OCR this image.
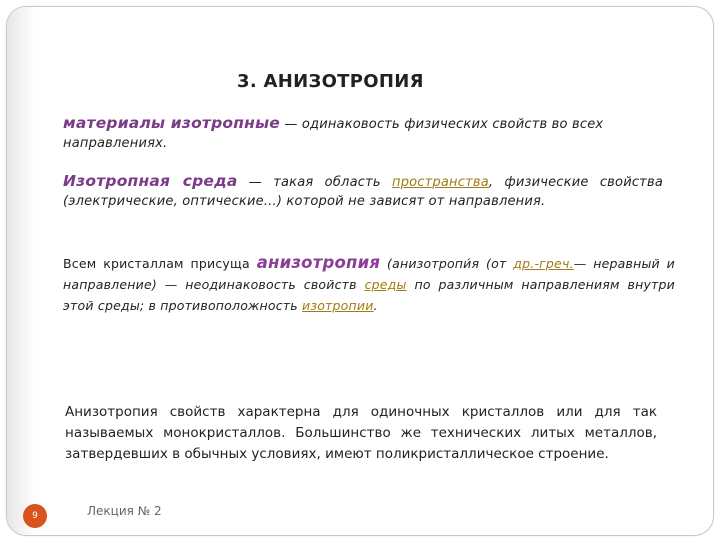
3. АНИЗОТРОПИЯ
материалы изотропные — одинаковость физических свойств во всех направлениях.
Изотропная среда — такая область пространства, физические свойства (электрические, оптические...) которой не зависят от направления.
Всем кристаллам присуща анизотропия (анизотропи́я (от др.-греч.— неравный и направление) — неодинаковость свойств среды по различным направлениям внутри этой среды; в противоположность изотропии.
Анизотропия свойств характерна для одиночных кристаллов или для так называемых монокристаллов. Большинство же технических литых металлов, затвердевших в обычных условиях, имеют поликристаллическое строение.
9	Лекция № 2
